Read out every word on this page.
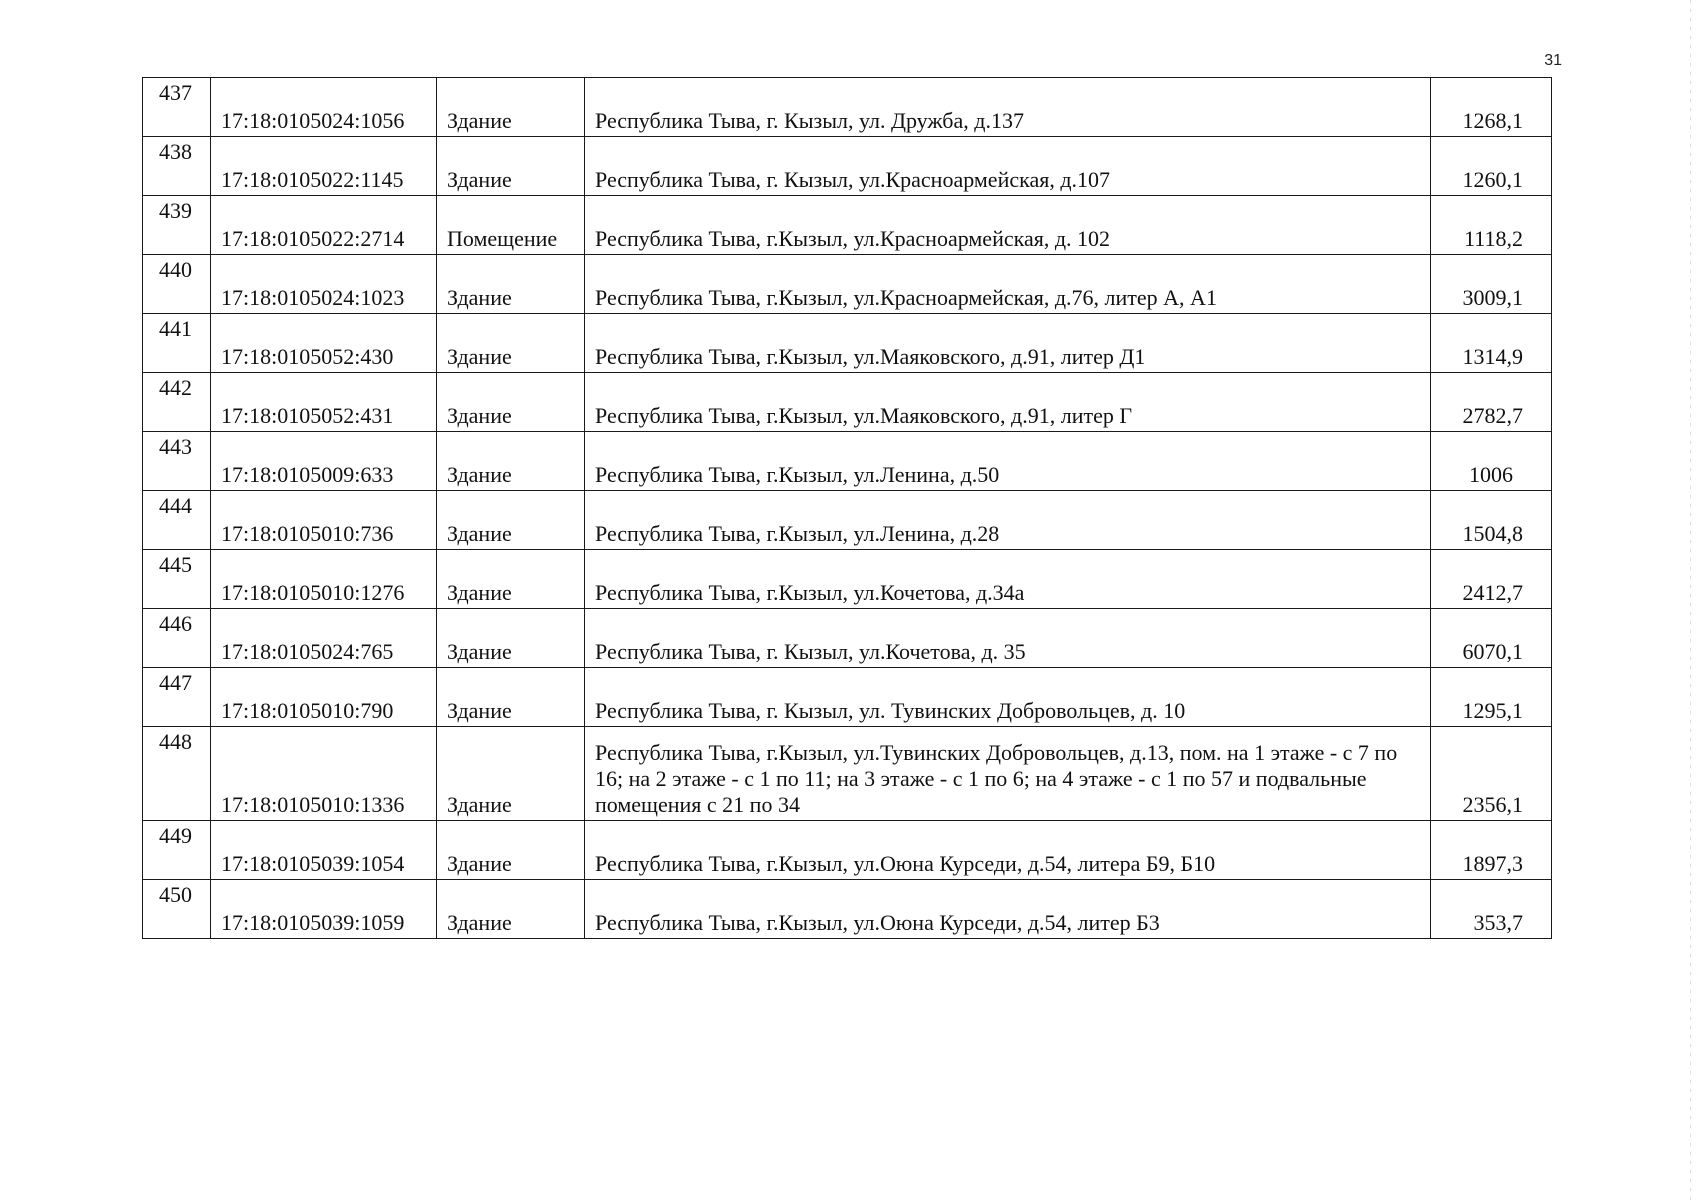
31
437	17:18:0105024:1056	Здание	Республика Тыва, г. Кызыл, ул. Дружба, д.137	1268,1
438	17:18:0105022:1145	Здание	Республика Тыва, г. Кызыл, ул.Красноармейская, д.107	1260,1
439	17:18:0105022:2714	Помещение	Республика Тыва, г.Кызыл, ул.Красноармейская, д. 102	1118,2
440	17:18:0105024:1023	Здание	Республика Тыва, г.Кызыл, ул.Красноармейская, д.76, литер А, А1	3009,1
441	17:18:0105052:430	Здание	Республика Тыва, г.Кызыл, ул.Маяковского, д.91, литер Д1	1314,9
442	17:18:0105052:431	Здание	Республика Тыва, г.Кызыл, ул.Маяковского, д.91, литер Г	2782,7
443	17:18:0105009:633	Здание	Республика Тыва, г.Кызыл, ул.Ленина, д.50	1006
444	17:18:0105010:736	Здание	Республика Тыва, г.Кызыл, ул.Ленина, д.28	1504,8
445	17:18:0105010:1276	Здание	Республика Тыва, г.Кызыл, ул.Кочетова, д.34а	2412,7
446	17:18:0105024:765	Здание	Республика Тыва, г. Кызыл, ул.Кочетова, д. 35	6070,1
447	17:18:0105010:790	Здание	Республика Тыва, г. Кызыл, ул. Тувинских Добровольцев, д. 10	1295,1
448	17:18:0105010:1336	Здание	Республика Тыва, г.Кызыл, ул.Тувинских Добровольцев, д.13, пом. на 1 этаже - с 7 по 16; на 2 этаже - с 1 по 11; на 3 этаже - с 1 по 6; на 4 этаже - с 1 по 57 и подвальные помещения с 21 по 34	2356,1
449	17:18:0105039:1054	Здание	Республика Тыва, г.Кызыл, ул.Оюна Курседи, д.54, литера Б9, Б10	1897,3
450	17:18:0105039:1059	Здание	Республика Тыва, г.Кызыл, ул.Оюна Курседи, д.54, литер Б3	353,7
